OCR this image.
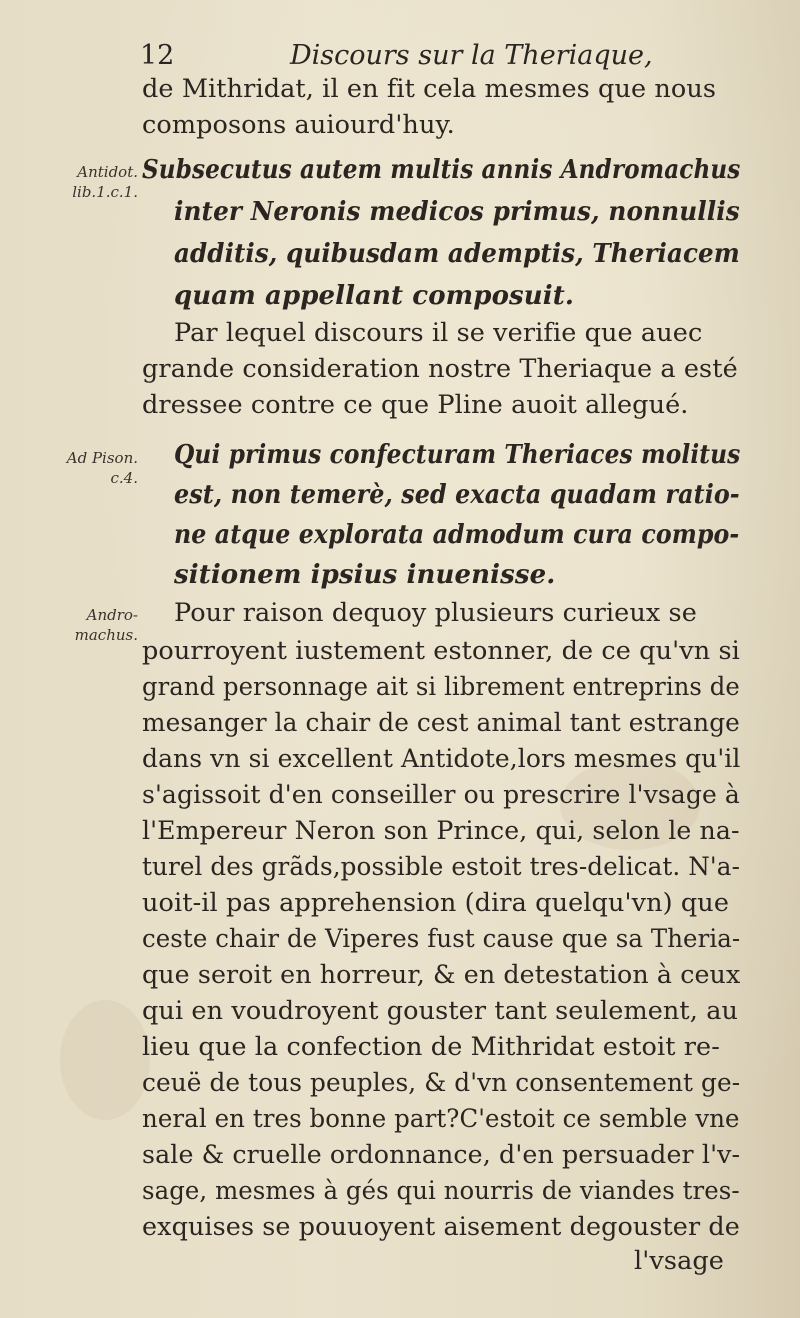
12	Discours sur la Theriaque,
Antidot.
lib.1.c.1.
Ad Pison.
c.4.
Andro-
machus.
de Mithridat, il en fit cela mesmes que nous
composons auiourd'huy.
Subsecutus autem multis annis Andromachus
inter Neronis medicos primus, nonnullis
additis, quibusdam ademptis, Theriacem
quam appellant composuit.
Par lequel discours il se verifie que auec
grande consideration nostre Theriaque a esté
dressee contre ce que Pline auoit allegué.
Qui primus confecturam Theriaces molitus
est, non temerè, sed exacta quadam ratio-
ne atque explorata admodum cura compo-
sitionem ipsius inuenisse.
Pour raison dequoy plusieurs curieux se
pourroyent iustement estonner, de ce qu'vn si
grand personnage ait si librement entreprins de
mesanger la chair de cest animal tant estrange
dans vn si excellent Antidote,lors mesmes qu'il
s'agissoit d'en conseiller ou prescrire l'vsage à
l'Empereur Neron son Prince, qui, selon le na-
turel des grãds,possible estoit tres-delicat. N'a-
uoit-il pas apprehension (dira quelqu'vn) que
ceste chair de Viperes fust cause que sa Theria-
que seroit en horreur, & en detestation à ceux
qui en voudroyent gouster tant seulement, au
lieu que la confection de Mithridat estoit re-
ceuë de tous peuples, & d'vn consentement ge-
neral en tres bonne part?C'estoit ce semble vne
sale & cruelle ordonnance, d'en persuader l'v-
sage, mesmes à gés qui nourris de viandes tres-
exquises se pouuoyent aisement degouster de
l'vsage
